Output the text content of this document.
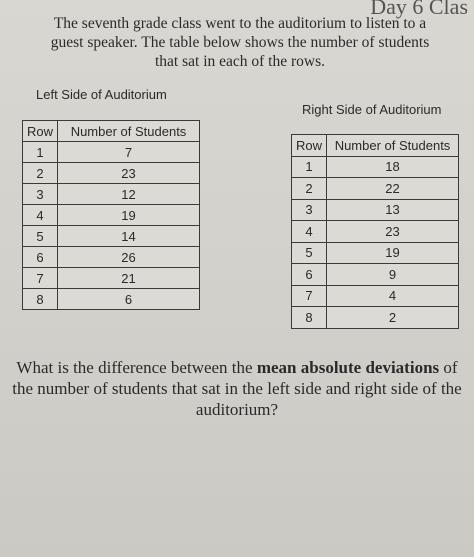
Day 6 Clas

The seventh grade class went to the auditorium to listen to a

guest speaker. The table below shows the number of students

that sat in each of the rows.

Left Side of Auditorium
Right Side of Auditorium
Row	Number of Students
1	7
2	23
3	12
4	19
5	14
6	26
7	21
8	6
Row	Number of Students
1	18
2	22
3	13
4	23
5	19
6	9
7	4
8	2
What is the difference between the mean absolute deviations of the number of students that sat in the left side and right side of the auditorium?
